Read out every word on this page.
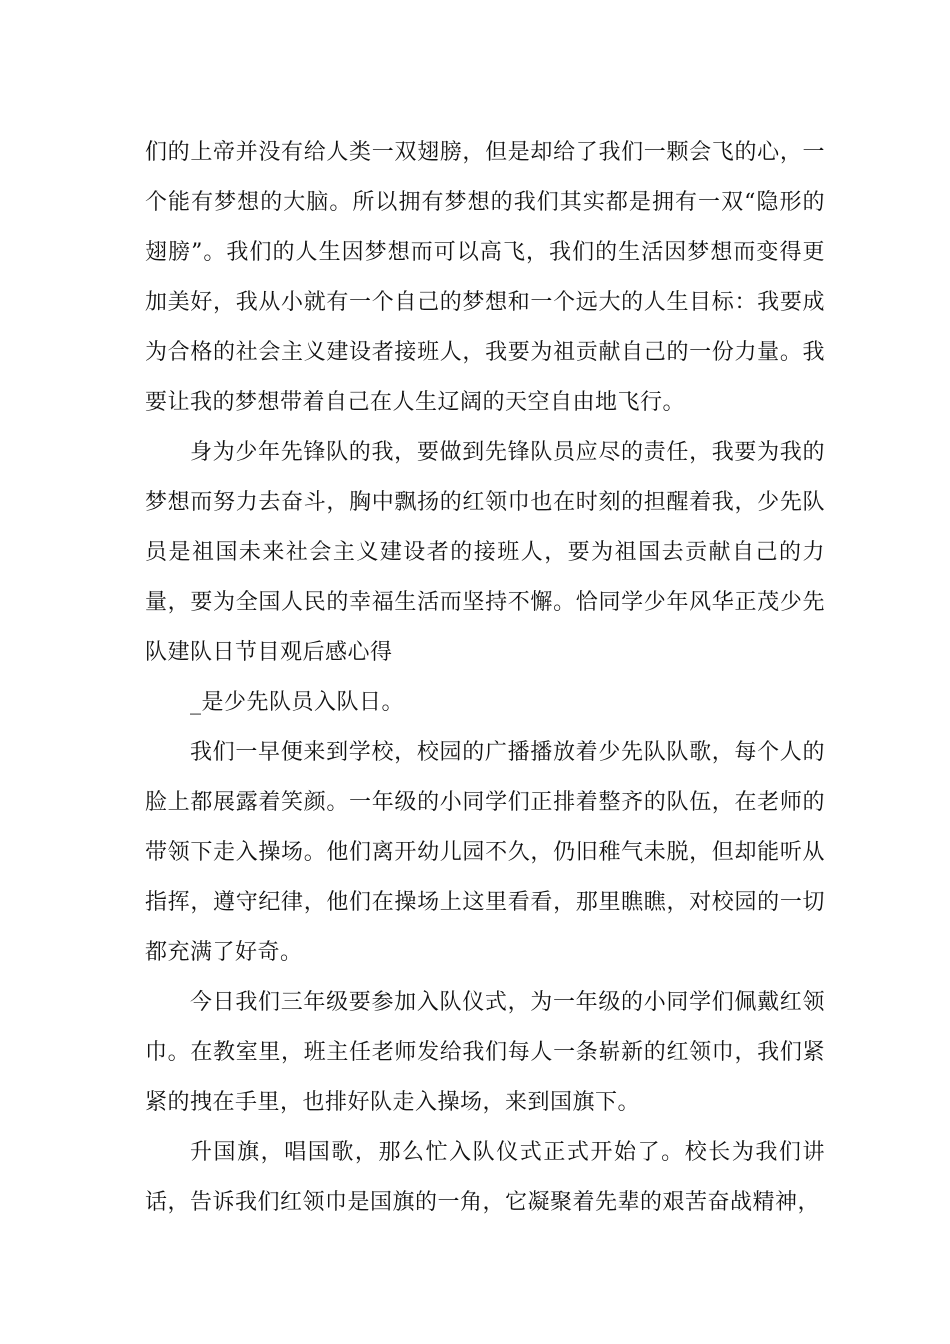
们的上帝并没有给人类一双翅膀，但是却给了我们一颗会飞的心，一个能有梦想的大脑。所以拥有梦想的我们其实都是拥有一双“隐形的翅膀”。我们的人生因梦想而可以高飞，我们的生活因梦想而变得更加美好，我从小就有一个自己的梦想和一个远大的人生目标：我要成为合格的社会主义建设者接班人，我要为祖贡献自己的一份力量。我要让我的梦想带着自己在人生辽阔的天空自由地飞行。

身为少年先锋队的我，要做到先锋队员应尽的责任，我要为我的梦想而努力去奋斗，胸中飘扬的红领巾也在时刻的担醒着我，少先队员是祖国未来社会主义建设者的接班人，要为祖国去贡献自己的力量，要为全国人民的幸福生活而坚持不懈。恰同学少年风华正茂少先队建队日节目观后感心得

_是少先队员入队日。

我们一早便来到学校，校园的广播播放着少先队队歌，每个人的脸上都展露着笑颜。一年级的小同学们正排着整齐的队伍，在老师的带领下走入操场。他们离开幼儿园不久，仍旧稚气未脱，但却能听从指挥，遵守纪律，他们在操场上这里看看，那里瞧瞧，对校园的一切都充满了好奇。

今日我们三年级要参加入队仪式，为一年级的小同学们佩戴红领巾。在教室里，班主任老师发给我们每人一条崭新的红领巾，我们紧紧的拽在手里，也排好队走入操场，来到国旗下。

升国旗，唱国歌，那么忙入队仪式正式开始了。校长为我们讲话，告诉我们红领巾是国旗的一角，它凝聚着先辈的艰苦奋战精神，
